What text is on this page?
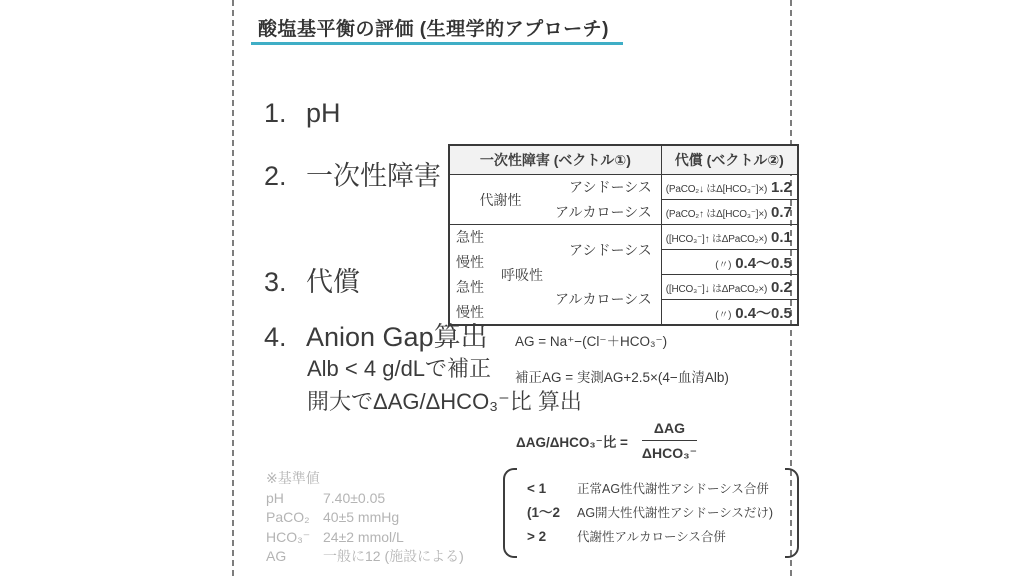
酸塩基平衡の評価 (生理学的アプローチ)
1. pH
2. 一次性障害
3. 代償
4. Anion Gap算出
Alb < 4 g/dLで補正
開大でΔAG/ΔHCO₃⁻比 算出
一次性障害 (ベクトル①)			代償 (ベクトル②)
代謝性		アシドーシス	(PaCO₂↓ はΔ[HCO₃⁻]×) 1.2
		アルカローシス	(PaCO₂↑ はΔ[HCO₃⁻]×) 0.7
急性	呼吸性	アシドーシス	([HCO₃⁻]↑ はΔPaCO₂×) 0.1
慢性			(〃) 0.4〜0.5
急性		アルカローシス	([HCO₃⁻]↓ はΔPaCO₂×) 0.2
慢性			(〃) 0.4〜0.5
AG = Na⁺−(Cl⁻＋HCO₃⁻)
補正AG = 実測AG+2.5×(4−血清Alb)
ΔAG/ΔHCO₃⁻比 = $\frac{\text{ΔAG}}{\text{ΔHCO₃⁻}}$
※基準値
pH	7.40±0.05
PaCO₂ 40±5 mmHg
HCO₃⁻ 24±2 mmol/L
AG	一般に12 (施設による)
< 1	正常AG性代謝性アシドーシス合併
(1〜2	AG開大性代謝性アシドーシスだけ)
> 2	代謝性アルカローシス合併
